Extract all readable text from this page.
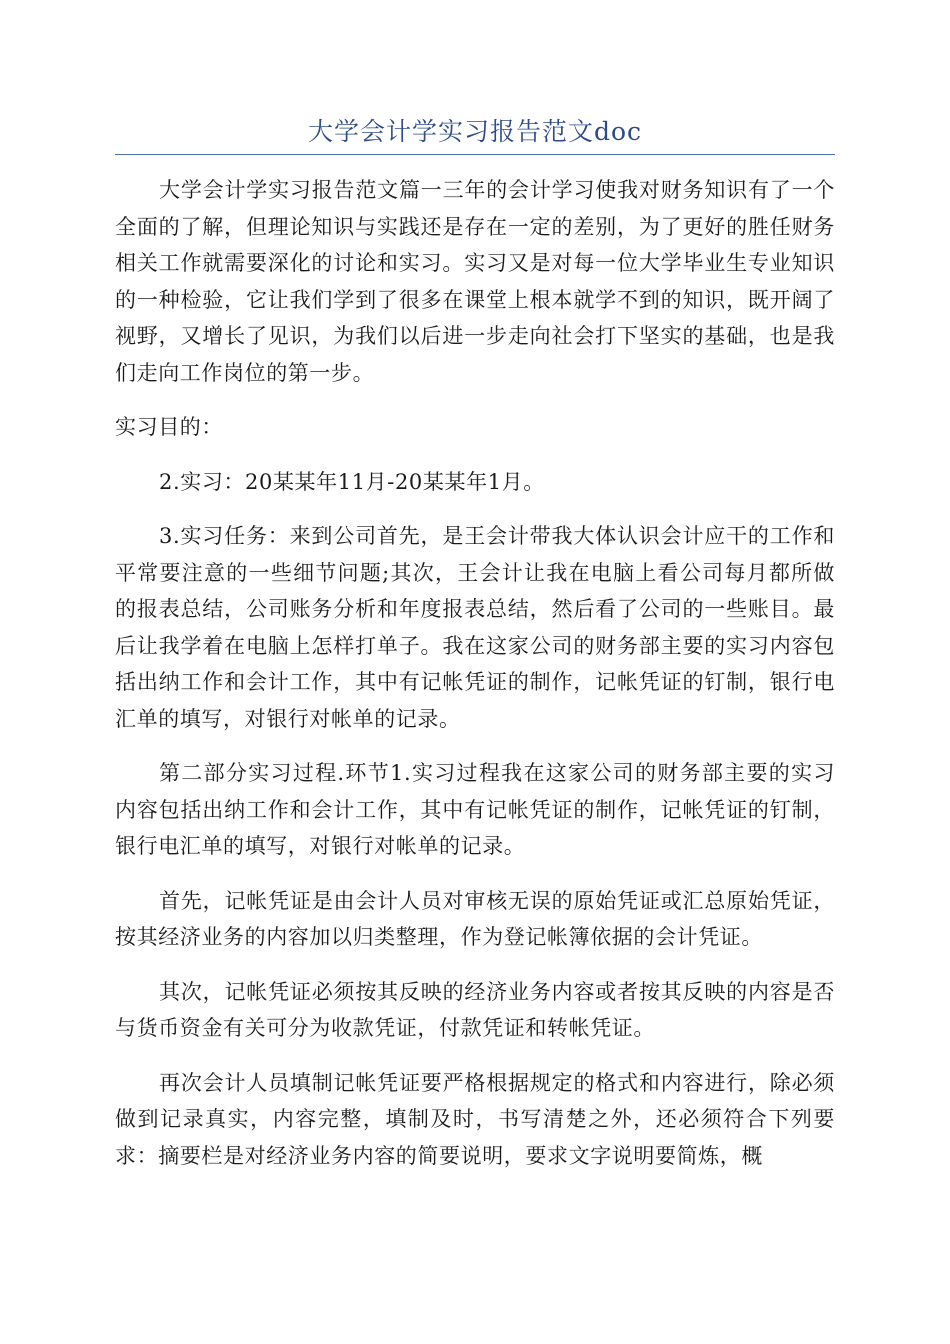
大学会计学实习报告范文doc

大学会计学实习报告范文篇一三年的会计学习使我对财务知识有了一个全面的了解，但理论知识与实践还是存在一定的差别，为了更好的胜任财务相关工作就需要深化的讨论和实习。实习又是对每一位大学毕业生专业知识的一种检验，它让我们学到了很多在课堂上根本就学不到的知识，既开阔了视野，又增长了见识，为我们以后进一步走向社会打下坚实的基础，也是我们走向工作岗位的第一步。

实习目的：

2.实习：20某某年11月-20某某年1月。

3.实习任务：来到公司首先，是王会计带我大体认识会计应干的工作和平常要注意的一些细节问题;其次，王会计让我在电脑上看公司每月都所做的报表总结，公司账务分析和年度报表总结，然后看了公司的一些账目。最后让我学着在电脑上怎样打单子。我在这家公司的财务部主要的实习内容包括出纳工作和会计工作，其中有记帐凭证的制作，记帐凭证的钉制，银行电汇单的填写，对银行对帐单的记录。

第二部分实习过程.环节1.实习过程我在这家公司的财务部主要的实习内容包括出纳工作和会计工作，其中有记帐凭证的制作，记帐凭证的钉制，银行电汇单的填写，对银行对帐单的记录。

首先，记帐凭证是由会计人员对审核无误的原始凭证或汇总原始凭证，按其经济业务的内容加以归类整理，作为登记帐簿依据的会计凭证。

其次，记帐凭证必须按其反映的经济业务内容或者按其反映的内容是否与货币资金有关可分为收款凭证，付款凭证和转帐凭证。

再次会计人员填制记帐凭证要严格根据规定的格式和内容进行，除必须做到记录真实，内容完整，填制及时，书写清楚之外，还必须符合下列要求：摘要栏是对经济业务内容的简要说明，要求文字说明要简炼，概
